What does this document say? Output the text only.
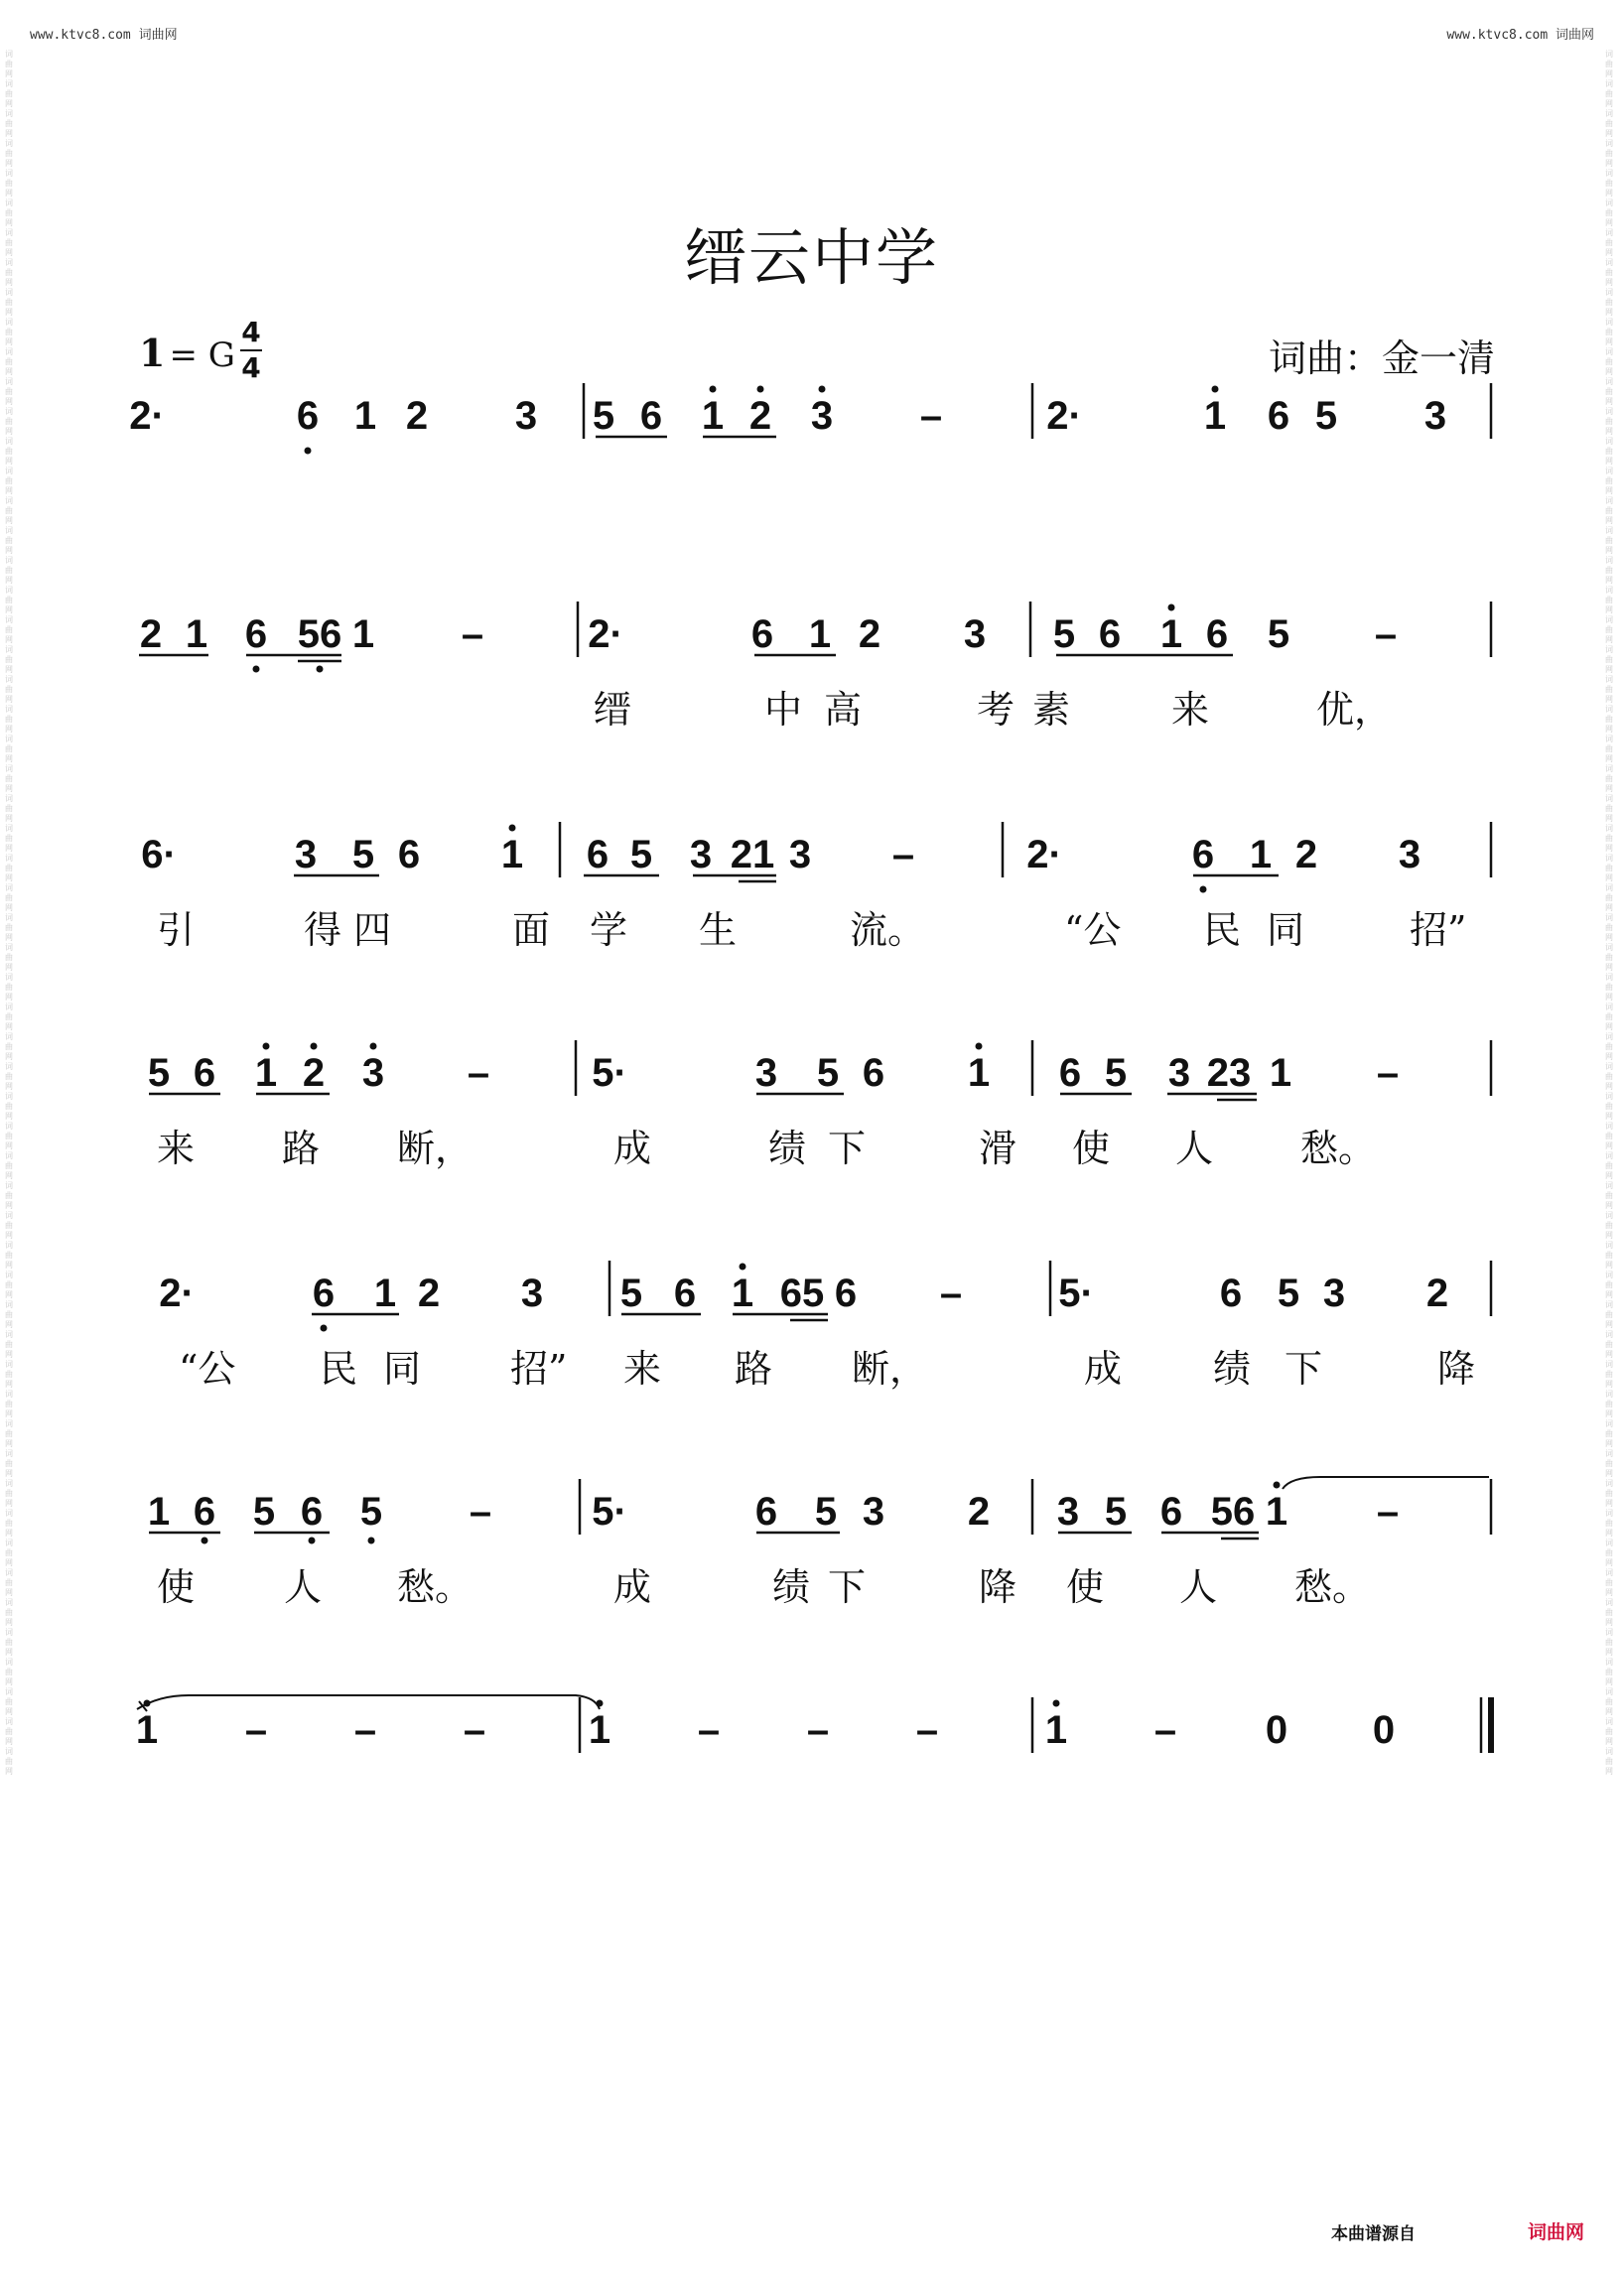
www.ktvc8.com 词曲网	www.ktvc8.com 词曲网
词曲网 词曲网 词曲网 词曲网 词曲网 词曲网 词曲网 词曲网 词曲网 词曲网 词曲网 词曲网 词曲网 词曲网 词曲网 词曲网 词曲网 词曲网 词曲网 词曲网 词曲网 词曲网 词曲网 词曲网 词曲网 词曲网 词曲网 词曲网 词曲网 词曲网 词曲网 词曲网 词曲网 词曲网 词曲网 词曲网 词曲网 词曲网 词曲网 词曲网 词曲网 词曲网 词曲网 词曲网 词曲网 词曲网 词曲网 词曲网 词曲网 词曲网 词曲网 词曲网 词曲网 词曲网 词曲网 词曲网 词曲网 词曲网
词曲网 词曲网 词曲网 词曲网 词曲网 词曲网 词曲网 词曲网 词曲网 词曲网 词曲网 词曲网 词曲网 词曲网 词曲网 词曲网 词曲网 词曲网 词曲网 词曲网 词曲网 词曲网 词曲网 词曲网 词曲网 词曲网 词曲网 词曲网 词曲网 词曲网 词曲网 词曲网 词曲网 词曲网 词曲网 词曲网 词曲网 词曲网 词曲网 词曲网 词曲网 词曲网 词曲网 词曲网 词曲网 词曲网 词曲网 词曲网 词曲网 词曲网 词曲网 词曲网 词曲网 词曲网 词曲网 词曲网 词曲网 词曲网
缙云中学
1 = G
4
4	词曲：金一清
2·	6 1 2 3 5 6 1 2 3 –	2·	1 6 5 3
2 1 6 56 1 –	2·	6 1 2 3 5 6 1 6 5 –
缙	中 高	考 素	来	优，
6·	3 5 6 1 6 5 3 21 3 –	2·	6 1 2 3
引	得 四	面 学 生	流。	“公 民 同	招”
5 6 1 2 3 –	5·	3 5 6 1 6 5 3 23 1 –
来 路 断，	成	绩 下	滑 使 人 愁。
2·	6 1 2 3 5 6 1 65 6 – 5·	6 5 3 2
“公 民 同 招” 来 路 断，	成 绩 下	降
1 6 5 6 5 –	5·	6 5 3 2 3 5 6 56 1 –
使 人 愁。	成	绩 下	降 使 人 愁。
1 – – –	1 – – –	1 – 0 0
本曲谱源自	词曲网
